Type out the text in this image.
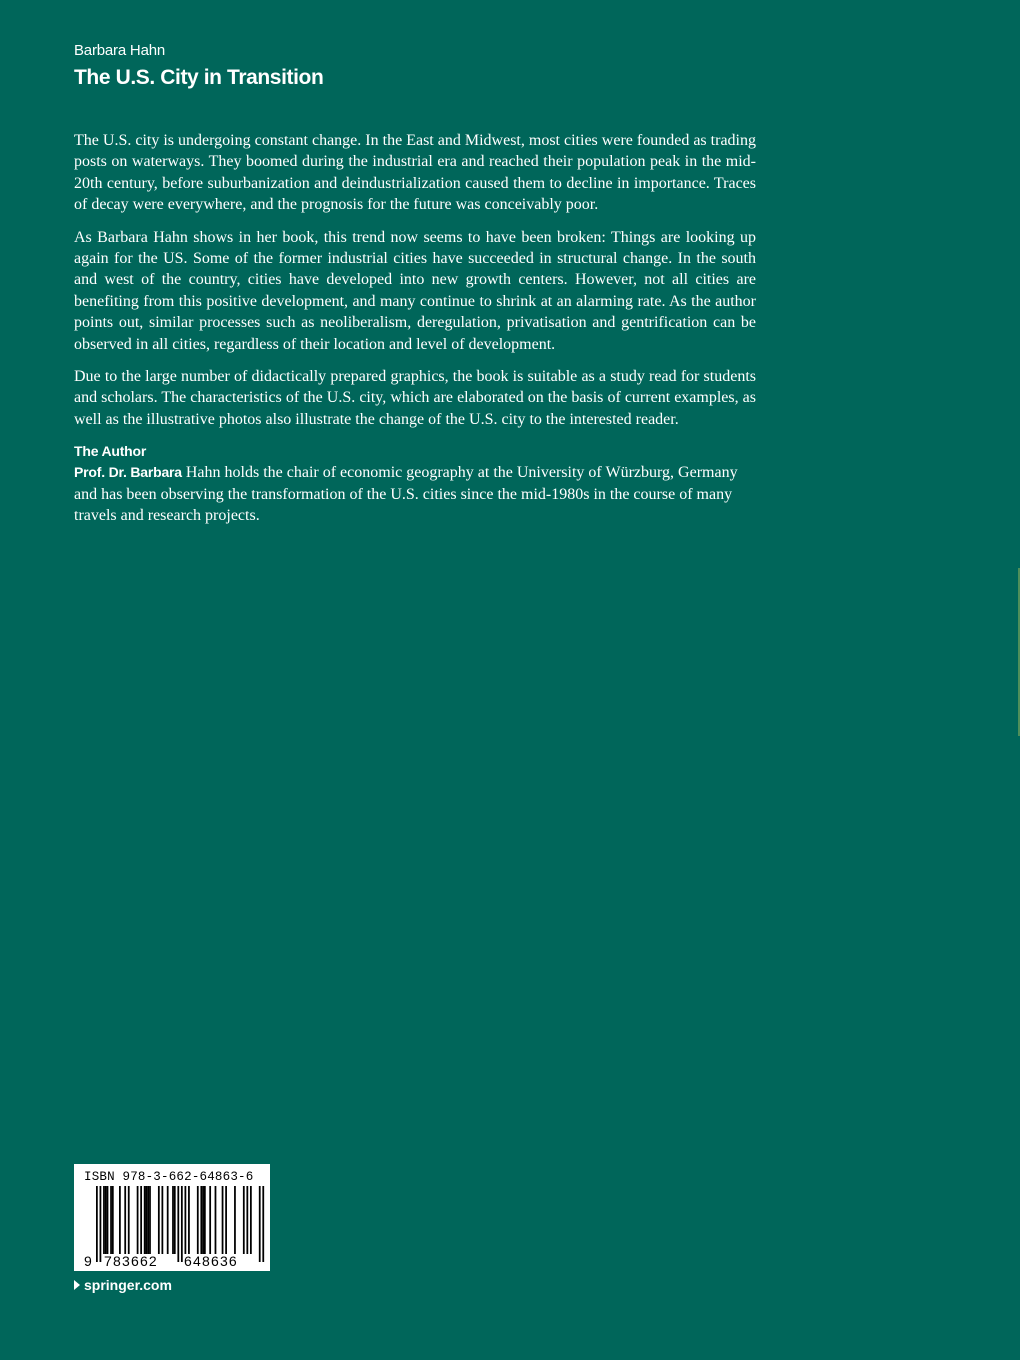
Barbara Hahn
The U.S. City in Transition

The U.S. city is undergoing constant change. In the East and Midwest, most cities were founded as trading posts on waterways. They boomed during the industrial era and reached their population peak in the mid-20th century, before suburbanization and deindustrialization caused them to decline in importance. Traces of decay were everywhere, and the prognosis for the future was conceivably poor.

As Barbara Hahn shows in her book, this trend now seems to have been broken: Things are looking up again for the US. Some of the former industrial cities have succeeded in structural change. In the south and west of the country, cities have developed into new growth centers. However, not all cities are benefiting from this positive development, and many continue to shrink at an alarming rate. As the author points out, similar processes such as neoliberalism, deregulation, privatisation and gentrification can be observed in all cities, regardless of their location and level of development.

Due to the large number of didactically prepared graphics, the book is suitable as a study read for students and scholars. The characteristics of the U.S. city, which are elaborated on the basis of current examples, as well as the illustrative photos also illustrate the change of the U.S. city to the interested reader.

The Author
Prof. Dr. Barbara Hahn holds the chair of economic geography at the University of Würzburg, Germany and has been observing the transformation of the U.S. cities since the mid-1980s in the course of many travels and research projects.
ISBN 978-3-662-64863-6
9 783662 648636
springer.com
